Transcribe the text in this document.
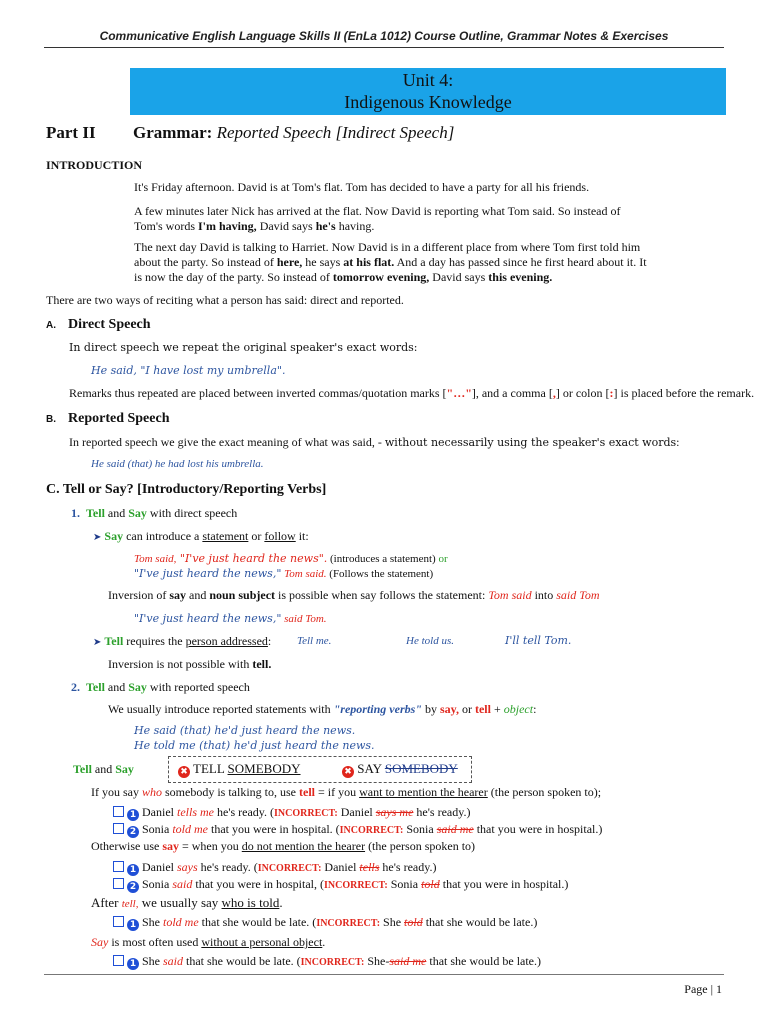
Communicative English Language Skills II (EnLa 1012) Course Outline, Grammar Notes & Exercises
Unit 4:
Indigenous Knowledge
Part II Grammar: Reported Speech [Indirect Speech]
INTRODUCTION
It's Friday afternoon. David is at Tom's flat. Tom has decided to have a party for all his friends.
A few minutes later Nick has arrived at the flat. Now David is reporting what Tom said. So instead of
Tom's words I'm having, David says he's having.
The next day David is talking to Harriet. Now David is in a different place from where Tom first told him
about the party. So instead of here, he says at his flat. And a day has passed since he first heard about it. It
is now the day of the party. So instead of tomorrow evening, David says this evening.
There are two ways of reciting what a person has said: direct and reported.
A. Direct Speech
In direct speech we repeat the original speaker's exact words:
He said, "I have lost my umbrella".
Remarks thus repeated are placed between inverted commas/quotation marks ["…"], and a comma [,] or colon [:] is placed before the remark.
B. Reported Speech
In reported speech we give the exact meaning of what was said, - without necessarily using the speaker's exact words:
He said (that) he had lost his umbrella.
C. Tell or Say? [Introductory/Reporting Verbs]
1. Tell and Say with direct speech
➤ Say can introduce a statement or follow it:
Tom said, "I've just heard the news". (introduces a statement) or
"I've just heard the news," Tom said. (Follows the statement)
Inversion of say and noun subject is possible when say follows the statement: Tom said into said Tom
"I've just heard the news," said Tom.
➤ Tell requires the person addressed: Tell me.	He told us.	I'll tell Tom.
Inversion is not possible with tell.
2. Tell and Say with reported speech
We usually introduce reported statements with "reporting verbs" by say, or tell + object:
He said (that) he'd just heard the news.
He told me (that) he'd just heard the news.
Tell and Say	✖ TELL SOMEBODY	✖ SAY SOMEBODY
If you say who somebody is talking to, use tell = if you want to mention the hearer (the person spoken to);
1 Daniel tells me he's ready. (INCORRECT: Daniel says me he's ready.)
2 Sonia told me that you were in hospital. (INCORRECT: Sonia said me that you were in hospital.)
Otherwise use say = when you do not mention the hearer (the person spoken to)
1 Daniel says he's ready. (INCORRECT: Daniel tells he's ready.)
2 Sonia said that you were in hospital, (INCORRECT: Sonia told that you were in hospital.)
After tell, we usually say who is told.
1 She told me that she would be late. (INCORRECT: She told that she would be late.)
Say is most often used without a personal object.
1 She said that she would be late. (INCORRECT: She-said me that she would be late.)
Page | 1
